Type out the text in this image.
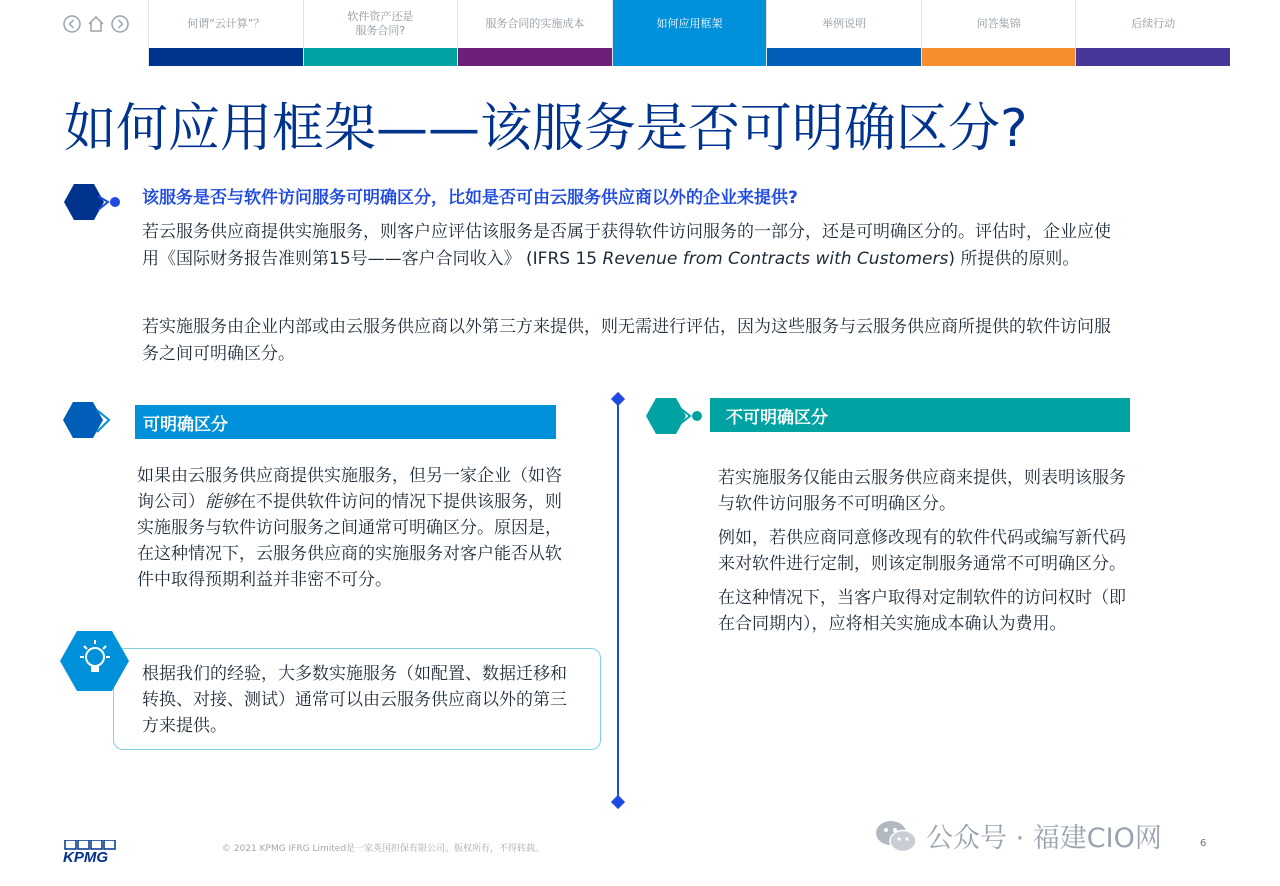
何谓“云计算”？
软件资产还是
服务合同?
服务合同的实施成本	如何应用框架	举例说明	问答集锦	后续行动
如何应用框架——该服务是否可明确区分?
该服务是否与软件访问服务可明确区分，比如是否可由云服务供应商以外的企业来提供?
若云服务供应商提供实施服务，则客户应评估该服务是否属于获得软件访问服务的一部分，还是可明确区分的。评估时，企业应使用《国际财务报告准则第15号——客户合同收入》 (IFRS 15 Revenue from Contracts with Customers) 所提供的原则。
若实施服务由企业内部或由云服务供应商以外第三方来提供，则无需进行评估，因为这些服务与云服务供应商所提供的软件访问服务之间可明确区分。
可明确区分
如果由云服务供应商提供实施服务，但另一家企业（如咨询公司）能够在不提供软件访问的情况下提供该服务，则实施服务与软件访问服务之间通常可明确区分。原因是，在这种情况下，云服务供应商的实施服务对客户能否从软件中取得预期利益并非密不可分。
根据我们的经验，大多数实施服务（如配置、数据迁移和转换、对接、测试）通常可以由云服务供应商以外的第三方来提供。
不可明确区分

若实施服务仅能由云服务供应商来提供，则表明该服务与软件访问服务不可明确区分。

例如，若供应商同意修改现有的软件代码或编写新代码来对软件进行定制，则该定制服务通常不可明确区分。

在这种情况下，当客户取得对定制软件的访问权时（即在合同期内），应将相关实施成本确认为费用。

KPMG	© 2021 KPMG IFRG Limited是一家英国担保有限公司。版权所有，不得转载。	公众号 · 福建CIO网	6
